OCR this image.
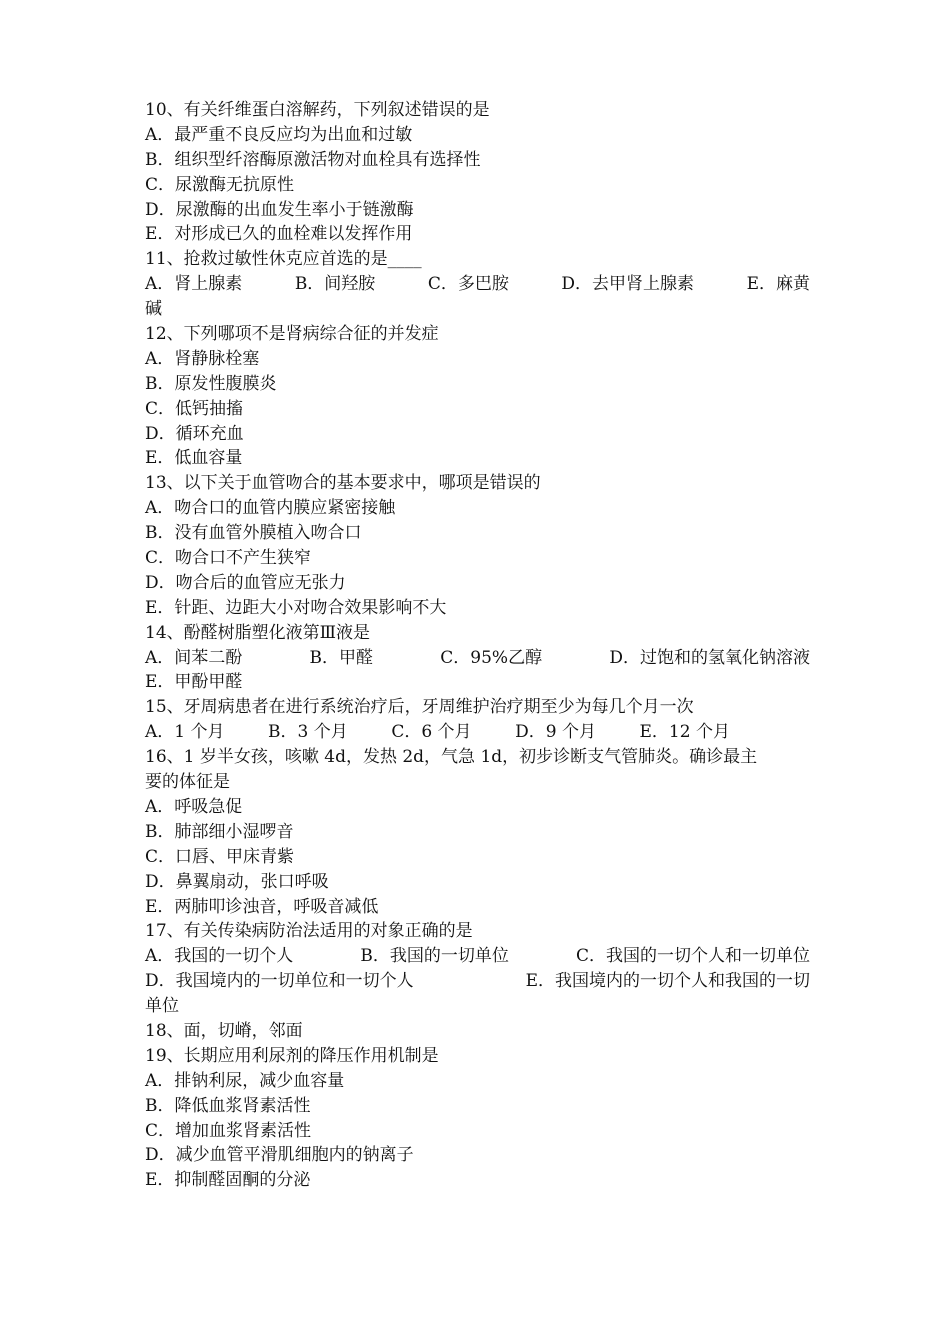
10、有关纤维蛋白溶解药，下列叙述错误的是
A．最严重不良反应均为出血和过敏
B．组织型纤溶酶原激活物对血栓具有选择性
C．尿激酶无抗原性
D．尿激酶的出血发生率小于链激酶
E．对形成已久的血栓难以发挥作用
11、抢救过敏性休克应首选的是____
A．肾上腺素	B．间羟胺	C．多巴胺	D．去甲肾上腺素	E．麻黄
碱
12、下列哪项不是肾病综合征的并发症
A．肾静脉栓塞
B．原发性腹膜炎
C．低钙抽搐
D．循环充血
E．低血容量
13、以下关于血管吻合的基本要求中，哪项是错误的
A．吻合口的血管内膜应紧密接触
B．没有血管外膜植入吻合口
C．吻合口不产生狭窄
D．吻合后的血管应无张力
E．针距、边距大小对吻合效果影响不大
14、酚醛树脂塑化液第Ⅲ液是
A．间苯二酚	B．甲醛	C．95%乙醇	D．过饱和的氢氧化钠溶液
E．甲酚甲醛
15、牙周病患者在进行系统治疗后，牙周维护治疗期至少为每几个月一次
A．1 个月	B．3 个月	C．6 个月	D．9 个月	E．12 个月
16、1 岁半女孩，咳嗽 4d，发热 2d，气急 1d，初步诊断支气管肺炎。确诊最主
要的体征是
A．呼吸急促
B．肺部细小湿啰音
C．口唇、甲床青紫
D．鼻翼扇动，张口呼吸
E．两肺叩诊浊音，呼吸音减低
17、有关传染病防治法适用的对象正确的是
A．我国的一切个人	B．我国的一切单位	C．我国的一切个人和一切单位
D．我国境内的一切单位和一切个人	E．我国境内的一切个人和我国的一切
单位
18、面，切嵴，邻面
19、长期应用利尿剂的降压作用机制是
A．排钠利尿，减少血容量
B．降低血浆肾素活性
C．增加血浆肾素活性
D．减少血管平滑肌细胞内的钠离子
E．抑制醛固酮的分泌
